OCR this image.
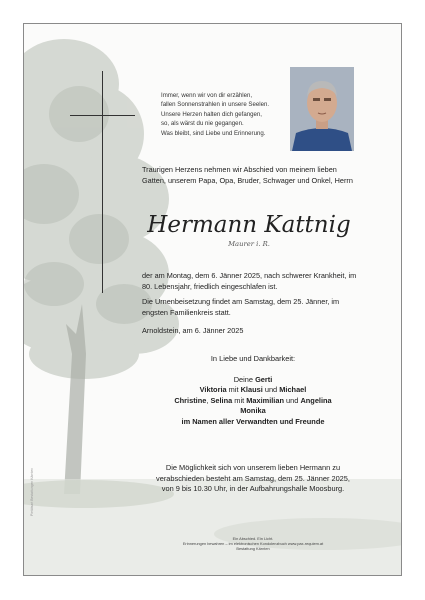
Immer, wenn wir von dir erzählen,
fallen Sonnenstrahlen in unsere Seelen.
Unsere Herzen halten dich gefangen,
so, als wärst du nie gegangen.
Was bleibt, sind Liebe und Erinnerung.
Traurigen Herzens nehmen wir Abschied von meinem lieben Gatten, unserem Papa, Opa, Bruder, Schwager und Onkel, Herrn
Hermann Kattnig
Maurer i. R.

der am Montag, dem 6. Jänner 2025, nach schwerer Krankheit, im 80. Lebensjahr, friedlich eingeschlafen ist.

Die Urnenbeisetzung findet am Samstag, dem 25. Jänner, im engsten Familienkreis statt.

Arnoldstein, am 6. Jänner 2025

In Liebe und Dankbarkeit:

Deine Gerti

Viktoria mit Klausi und Michael

Christine, Selina mit Maximilian und Angelina

Monika

im Namen aller Verwandten und Freunde

Die Möglichkeit sich von unserem lieben Hermann zu

verabschieden besteht am Samstag, dem 25. Jänner 2025,

von 9 bis 10.30 Uhr, in der Aufbahrungshalle Moosburg.

Ein Abschied. Ein Licht.
Erinnerungen bewahren – im elektronischen Kondolenzbuch www.pax-requiem.at
Bestattung Kärnten
Pietätsart Bestattungen Kärnten
